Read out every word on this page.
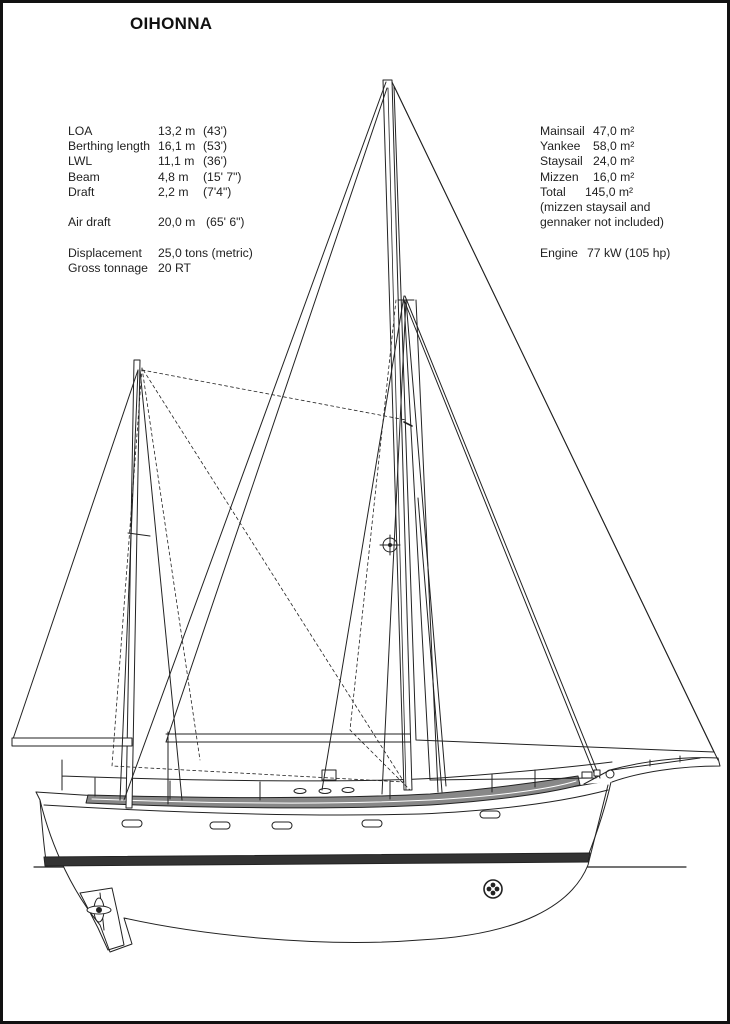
OIHONNA
LOA	13,2 m (43')
Berthing length 16,1 m (53')
LWL	11,1 m (36')
Beam	4,8 m (15' 7")
Draft	2,2 m (7'4")
Air draft	20,0 m (65' 6")
Displacement 25,0 tons (metric)
Gross tonnage 20 RT
Mainsail 47,0 m²
Yankee 58,0 m²
Staysail 24,0 m²
Mizzen 16,0 m²
Total 145,0 m²
(mizzen staysail and
gennaker not included)
Engine 77 kW (105 hp)
